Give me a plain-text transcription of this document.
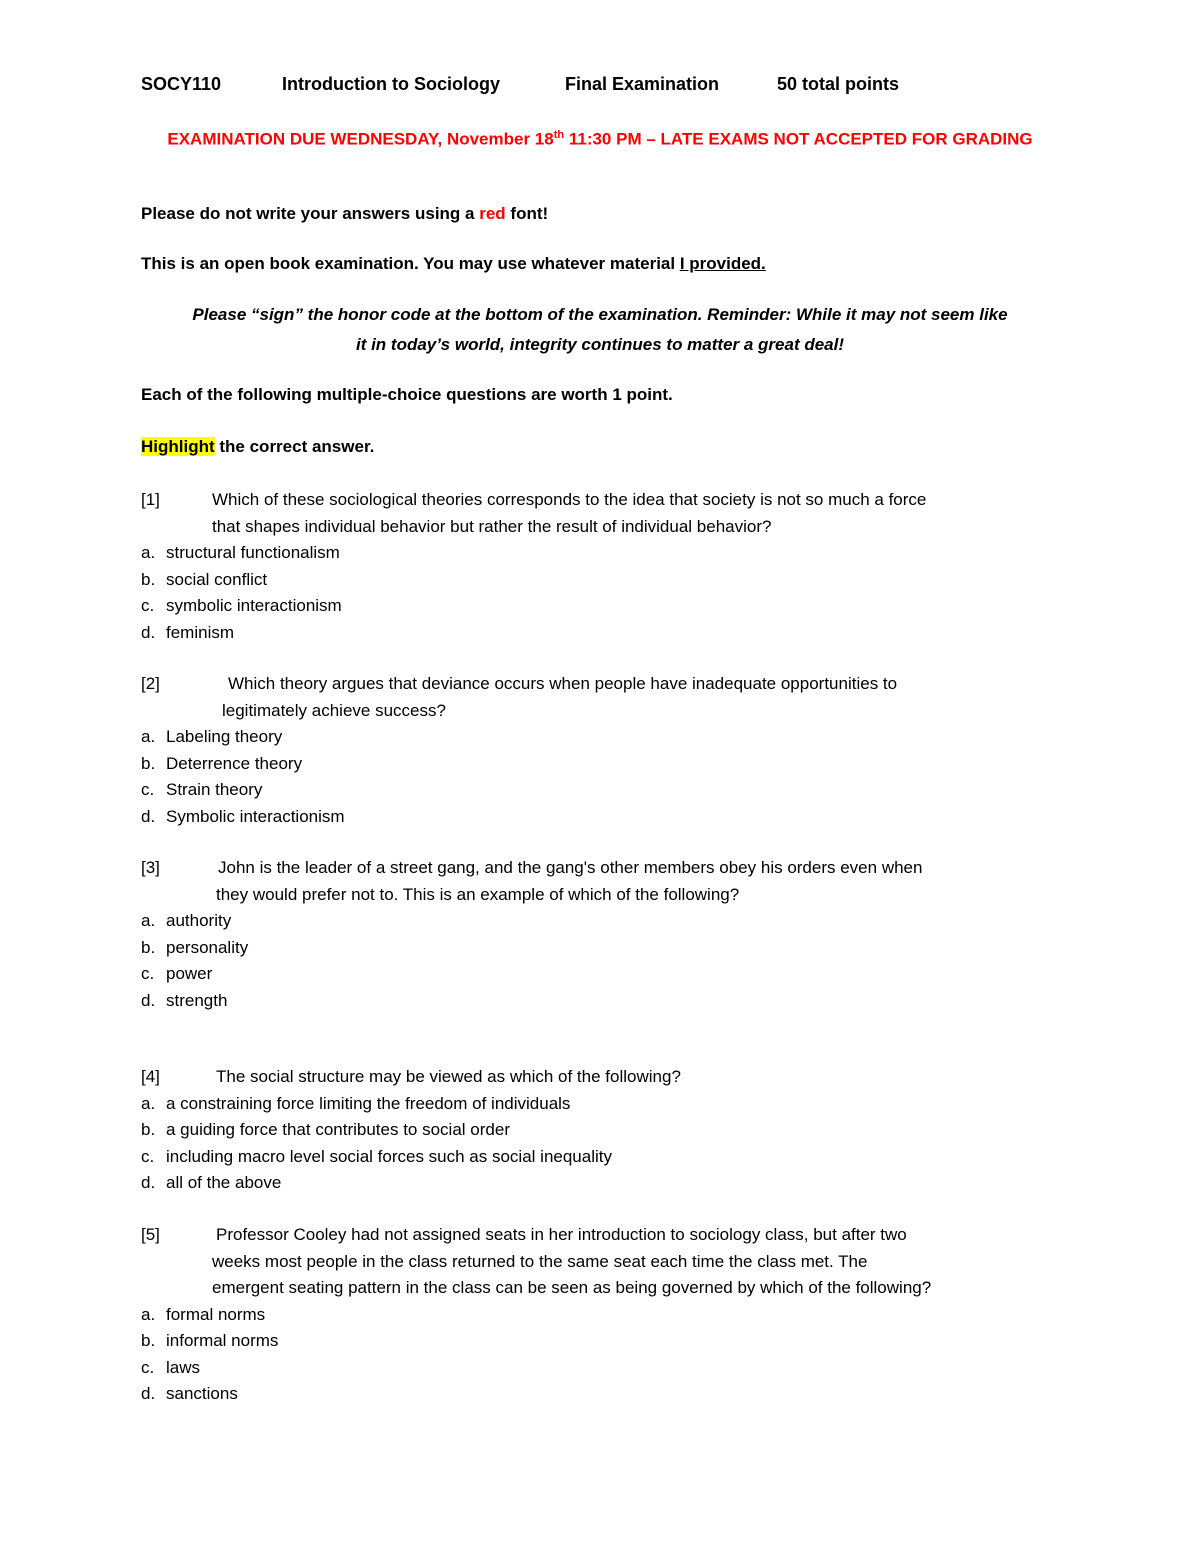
SOCY110	Introduction to Sociology	Final Examination	50 total points
EXAMINATION DUE WEDNESDAY, November 18th 11:30 PM – LATE EXAMS NOT ACCEPTED FOR GRADING
Please do not write your answers using a red font!
This is an open book examination. You may use whatever material I provided.
Please “sign” the honor code at the bottom of the examination. Reminder: While it may not seem like
it in today’s world, integrity continues to matter a great deal!
Each of the following multiple-choice questions are worth 1 point.
Highlight the correct answer.
[1]	Which of these sociological theories corresponds to the idea that society is not so much a force
that shapes individual behavior but rather the result of individual behavior?
a. structural functionalism
b. social conflict
c. symbolic interactionism
d. feminism
[2]	Which theory argues that deviance occurs when people have inadequate opportunities to
legitimately achieve success?
a. Labeling theory
b. Deterrence theory
c. Strain theory
d. Symbolic interactionism
[3]	John is the leader of a street gang, and the gang's other members obey his orders even when
they would prefer not to. This is an example of which of the following?
a. authority
b. personality
c. power
d. strength
[4]	The social structure may be viewed as which of the following?
a. a constraining force limiting the freedom of individuals
b. a guiding force that contributes to social order
c. including macro level social forces such as social inequality
d. all of the above
[5]	Professor Cooley had not assigned seats in her introduction to sociology class, but after two
weeks most people in the class returned to the same seat each time the class met. The
emergent seating pattern in the class can be seen as being governed by which of the following?
a. formal norms
b. informal norms
c. laws
d. sanctions
